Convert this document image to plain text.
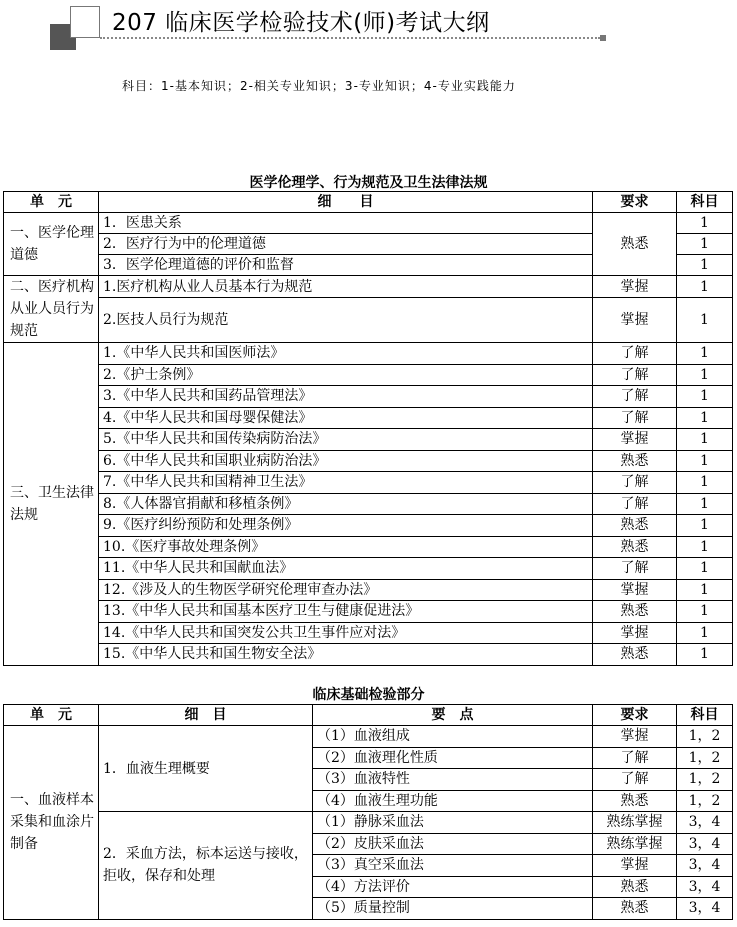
207 临床医学检验技术(师)考试大纲
科目：1-基本知识；2-相关专业知识；3-专业知识；4-专业实践能力
医学伦理学、行为规范及卫生法律法规
单　元	细　　目	要求	科目
一、医学伦理道德	1．医患关系	熟悉	1
	2．医疗行为中的伦理道德		1
	3．医学伦理道德的评价和监督		1
二、医疗机构从业人员行为规范	1.医疗机构从业人员基本行为规范	掌握	1
	2.医技人员行为规范	掌握	1
三、卫生法律法规	1.《中华人民共和国医师法》	了解	1
	2.《护士条例》	了解	1
	3.《中华人民共和国药品管理法》	了解	1
	4.《中华人民共和国母婴保健法》	了解	1
	5.《中华人民共和国传染病防治法》	掌握	1
	6.《中华人民共和国职业病防治法》	熟悉	1
	7.《中华人民共和国精神卫生法》	了解	1
	8.《人体器官捐献和移植条例》	了解	1
	9.《医疗纠纷预防和处理条例》	熟悉	1
	10.《医疗事故处理条例》	熟悉	1
	11.《中华人民共和国献血法》	了解	1
	12.《涉及人的生物医学研究伦理审查办法》	掌握	1
	13.《中华人民共和国基本医疗卫生与健康促进法》	熟悉	1
	14.《中华人民共和国突发公共卫生事件应对法》	掌握	1
	15.《中华人民共和国生物安全法》	熟悉	1
临床基础检验部分
单　元	细　目	要　点	要求	科目
一、血液样本采集和血涂片制备	1．血液生理概要	（1）血液组成	掌握	1，2
		（2）血液理化性质	了解	1，2
		（3）血液特性	了解	1，2
		（4）血液生理功能	熟悉	1，2
	2．采血方法，标本运送与接收，拒收，保存和处理	（1）静脉采血法	熟练掌握	3，4
		（2）皮肤采血法	熟练掌握	3，4
		（3）真空采血法	掌握	3，4
		（4）方法评价	熟悉	3，4
		（5）质量控制	熟悉	3，4
